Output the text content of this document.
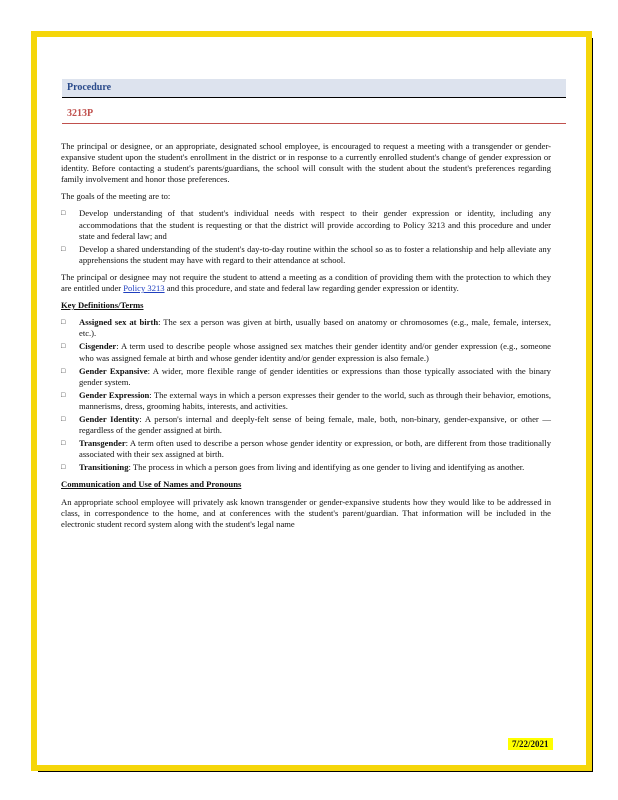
Procedure
3213P

The principal or designee, or an appropriate, designated school employee, is encouraged to request a meeting with a transgender or gender-expansive student upon the student's enrollment in the district or in response to a currently enrolled student's change of gender expression or identity. Before contacting a student's parents/guardians, the school will consult with the student about the student's preferences regarding family involvement and honor those preferences.

The goals of the meeting are to:

□ Develop understanding of that student's individual needs with respect to their gender expression or identity, including any accommodations that the student is requesting or that the district will provide according to Policy 3213 and this procedure and under state and federal law; and
□ Develop a shared understanding of the student's day-to-day routine within the school so as to foster a relationship and help alleviate any apprehensions the student may have with regard to their attendance at school.

The principal or designee may not require the student to attend a meeting as a condition of providing them with the protection to which they are entitled under Policy 3213 and this procedure, and state and federal law regarding gender expression or identity.

Key Definitions/Terms
□ Assigned sex at birth: The sex a person was given at birth, usually based on anatomy or chromosomes (e.g., male, female, intersex, etc.).
□ Cisgender: A term used to describe people whose assigned sex matches their gender identity and/or gender expression (e.g., someone who was assigned female at birth and whose gender identity and/or gender expression is also female.)
□ Gender Expansive: A wider, more flexible range of gender identities or expressions than those typically associated with the binary gender system.
□ Gender Expression: The external ways in which a person expresses their gender to the world, such as through their behavior, emotions, mannerisms, dress, grooming habits, interests, and activities.
□ Gender Identity: A person's internal and deeply-felt sense of being female, male, both, non-binary, gender-expansive, or other — regardless of the gender assigned at birth.
□ Transgender: A term often used to describe a person whose gender identity or expression, or both, are different from those traditionally associated with their sex assigned at birth.
□ Transitioning: The process in which a person goes from living and identifying as one gender to living and identifying as another.
Communication and Use of Names and Pronouns

An appropriate school employee will privately ask known transgender or gender-expansive students how they would like to be addressed in class, in correspondence to the home, and at conferences with the student's parent/guardian. That information will be included in the electronic student record system along with the student's legal name

7/22/2021
